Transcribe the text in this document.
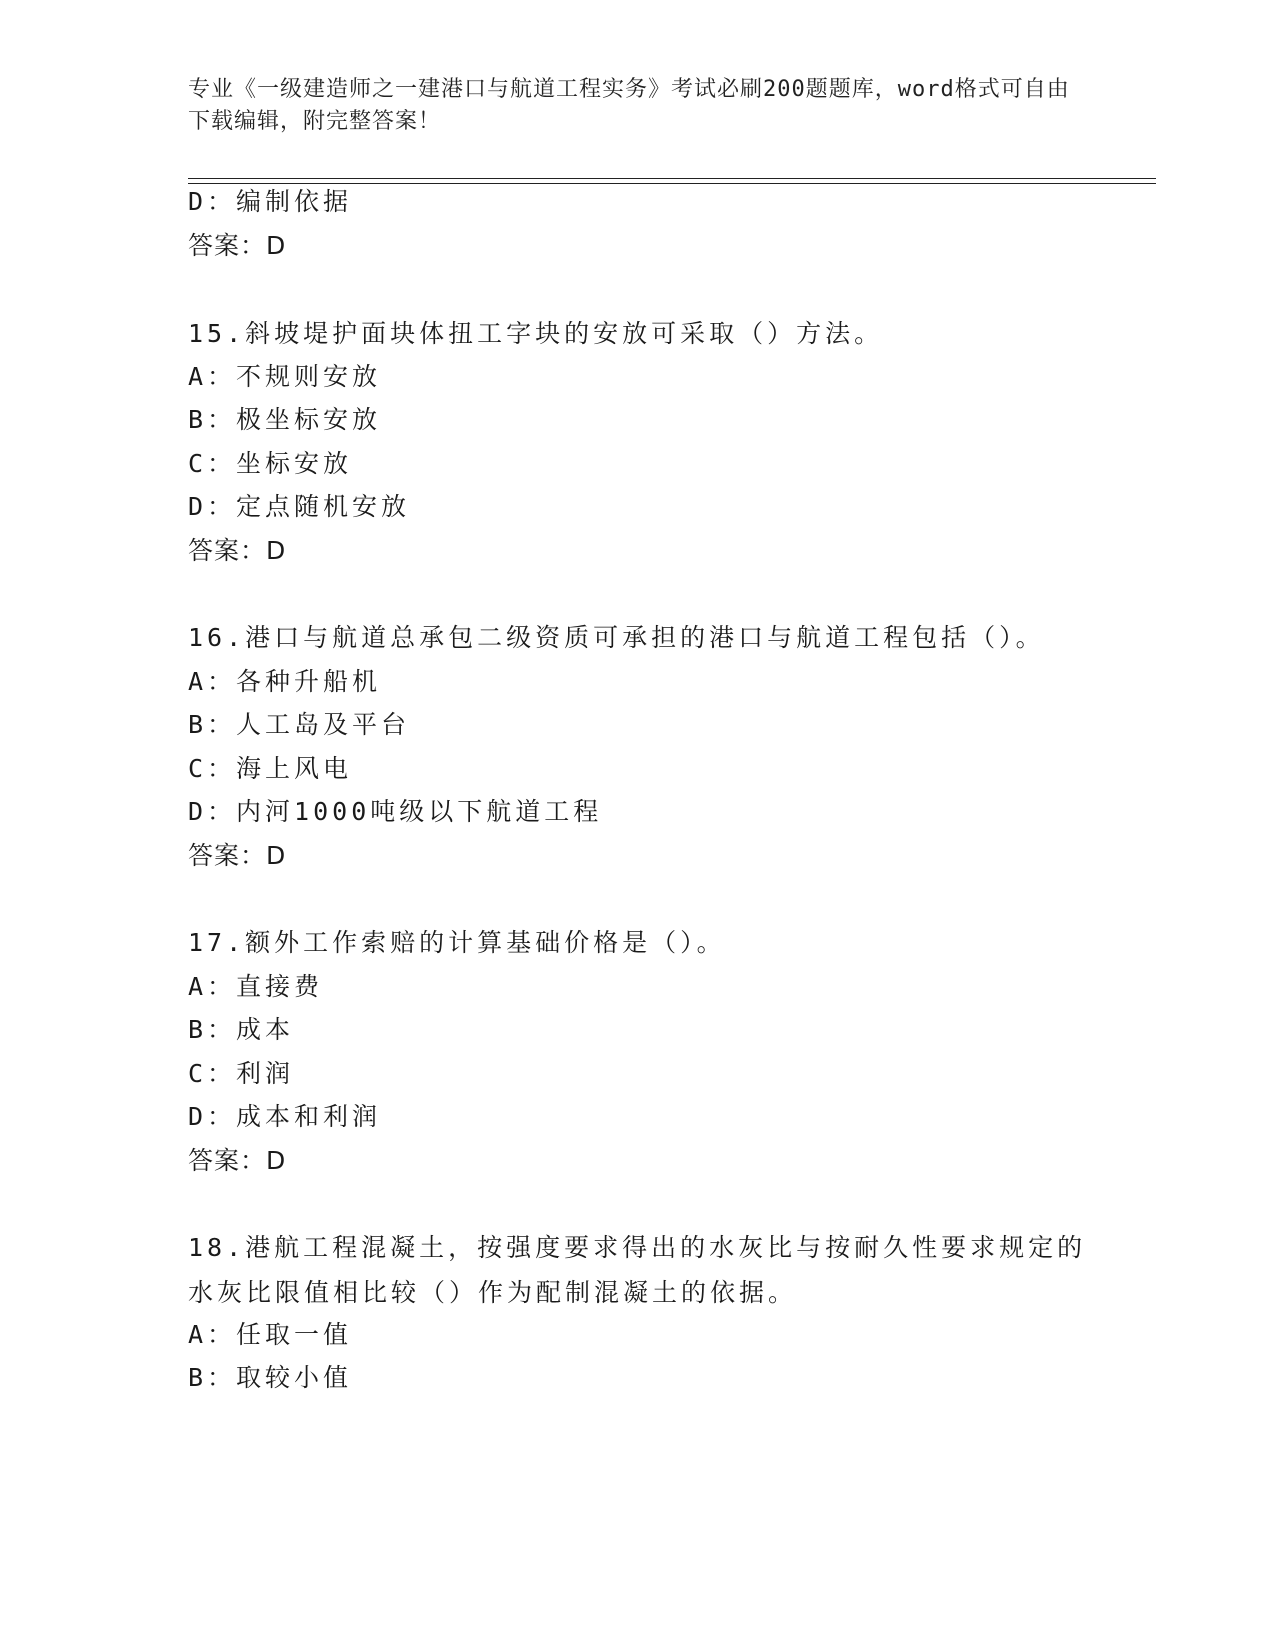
专业《一级建造师之一建港口与航道工程实务》考试必刷200题题库，word格式可自由下载编辑，附完整答案！
D：编制依据
答案：D
15.斜坡堤护面块体扭工字块的安放可采取（）方法。
A：不规则安放
B：极坐标安放
C：坐标安放
D：定点随机安放
答案：D
16.港口与航道总承包二级资质可承担的港口与航道工程包括（）。
A：各种升船机
B：人工岛及平台
C：海上风电
D：内河1000吨级以下航道工程
答案：D
17.额外工作索赔的计算基础价格是（）。
A：直接费
B：成本
C：利润
D：成本和利润
答案：D
18.港航工程混凝土，按强度要求得出的水灰比与按耐久性要求规定的水灰比限值相比较（）作为配制混凝土的依据。
A：任取一值
B：取较小值
